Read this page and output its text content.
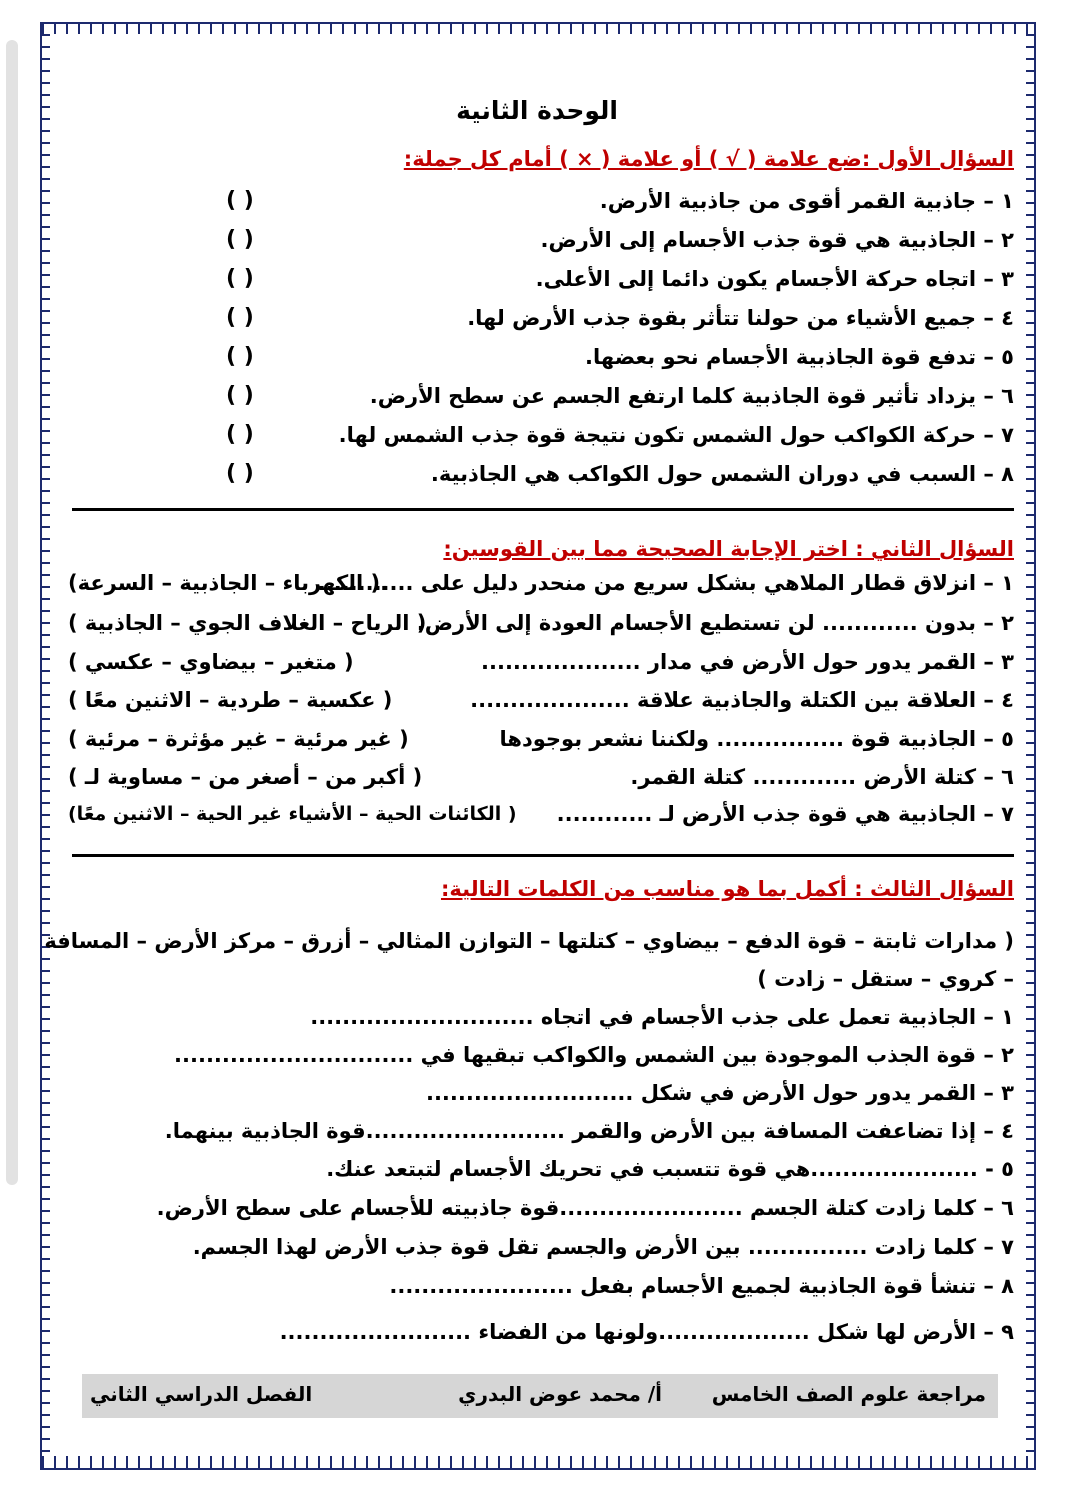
الوحدة الثانية
السؤال الأول :ضع علامة ( √ ) أو علامة ( × ) أمام كل جملة:
١ – جاذبية القمر أقوى من جاذبية الأرض.
٢ – الجاذبية هي قوة جذب الأجسام إلى الأرض.
٣ – اتجاه حركة الأجسام يكون دائما إلى الأعلى.
٤ – جميع الأشياء من حولنا تتأثر بقوة جذب الأرض لها.
٥ – تدفع قوة الجاذبية الأجسام نحو بعضها.
٦ – يزداد تأثير قوة الجاذبية كلما ارتفع الجسم عن سطح الأرض.
٧ – حركة الكواكب حول الشمس تكون نتيجة قوة جذب الشمس لها.
٨ – السبب في دوران الشمس حول الكواكب هي الجاذبية.
( )
( )
( )
( )
( )
( )
( )
( )
السؤال الثاني : اختر الإجابة الصحيحة مما بين القوسين:
١ – انزلاق قطار الملاهي بشكل سريع من منحدر دليل على ............
.( الكهرباء – الجاذبية – السرعة)
٢ – بدون ............ لن تستطيع الأجسام العودة إلى الأرض.
( الرياح – الغلاف الجوي – الجاذبية )
٣ – القمر يدور حول الأرض في مدار ....................
( متغير – بيضاوي – عكسي )
٤ – العلاقة بين الكتلة والجاذبية علاقة ....................
( عكسية – طردية – الاثنين معًا )
٥ – الجاذبية قوة ................ ولكننا نشعر بوجودها
( غير مرئية – غير مؤثرة – مرئية )
٦ – كتلة الأرض ............. كتلة القمر.
( أكبر من – أصغر من – مساوية لـ )
٧ – الجاذبية هي قوة جذب الأرض لـ ............
( الكائنات الحية – الأشياء غير الحية – الاثنين معًا)
السؤال الثالث : أكمل بما هو مناسب من الكلمات التالية:
( مدارات ثابتة – قوة الدفع – بيضاوي – كتلتها – التوازن المثالي – أزرق – مركز الأرض – المسافة
– كروي – ستقل – زادت )
١ – الجاذبية تعمل على جذب الأجسام في اتجاه ............................
٢ – قوة الجذب الموجودة بين الشمس والكواكب تبقيها في ..............................
٣ – القمر يدور حول الأرض في شكل ..........................
٤ – إذا تضاعفت المسافة بين الأرض والقمر .........................قوة الجاذبية بينهما.
٥ - .....................هي قوة تتسبب في تحريك الأجسام لتبتعد عنك.
٦ – كلما زادت كتلة الجسم .......................قوة جاذبيته للأجسام على سطح الأرض.
٧ – كلما زادت ............... بين الأرض والجسم تقل قوة جذب الأرض لهذا الجسم.
٨ – تنشأ قوة الجاذبية لجميع الأجسام بفعل .......................
٩ – الأرض لها شكل ...................ولونها من الفضاء ........................
مراجعة علوم الصف الخامس
أ/ محمد عوض البدري
الفصل الدراسي الثاني
